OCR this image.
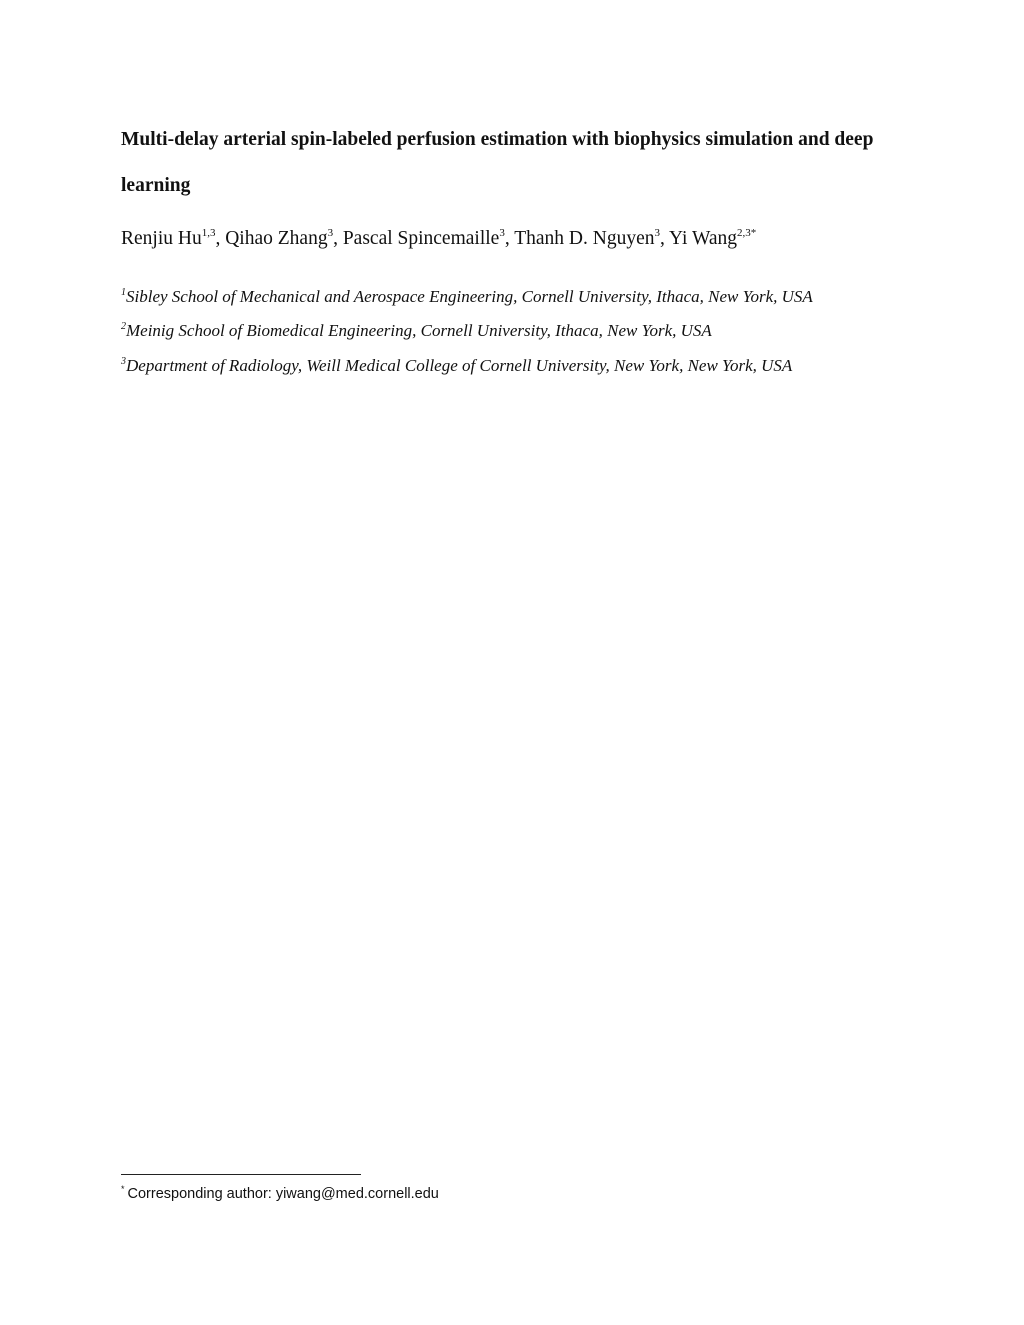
Multi-delay arterial spin-labeled perfusion estimation with biophysics simulation and deep learning
Renjiu Hu$^{1,3}$, Qihao Zhang$^3$, Pascal Spincemaille$^3$, Thanh D. Nguyen$^3$, Yi Wang$^{2,3*}$
$^1$Sibley School of Mechanical and Aerospace Engineering, Cornell University, Ithaca, New York, USA
$^2$Meinig School of Biomedical Engineering, Cornell University, Ithaca, New York, USA
$^3$Department of Radiology, Weill Medical College of Cornell University, New York, New York, USA
* Corresponding author: yiwang@med.cornell.edu
